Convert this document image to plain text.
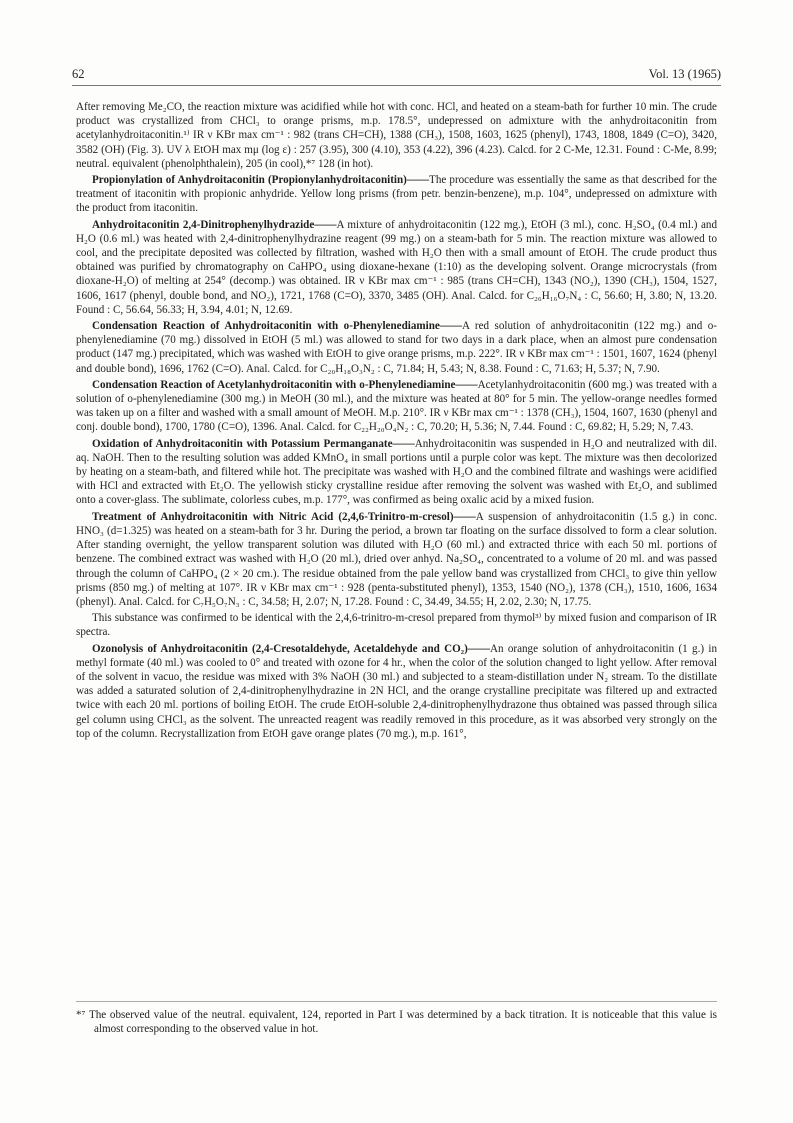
62	Vol. 13 (1965)

After removing Me₂CO, the reaction mixture was acidified while hot with conc. HCl, and heated on a steam-bath for further 10 min. The crude product was crystallized from CHCl₃ to orange prisms, m.p. 178.5°, undepressed on admixture with the anhydroitaconitin from acetylanhydroitaconitin.¹⁾ IR ν KBr max cm⁻¹ : 982 (trans CH=CH), 1388 (CH₃), 1508, 1603, 1625 (phenyl), 1743, 1808, 1849 (C=O), 3420, 3582 (OH) (Fig. 3). UV λ EtOH max mμ (log ε) : 257 (3.95), 300 (4.10), 353 (4.22), 396 (4.23). Calcd. for 2 C-Me, 12.31. Found : C-Me, 8.99; neutral. equivalent (phenolphthalein), 205 (in cool),*⁷ 128 (in hot).

Propionylation of Anhydroitaconitin (Propionylanhydroitaconitin)——The procedure was essentially the same as that described for the treatment of itaconitin with propionic anhydride. Yellow long prisms (from petr. benzin-benzene), m.p. 104°, undepressed on admixture with the product from itaconitin.

Anhydroitaconitin 2,4-Dinitrophenylhydrazide——A mixture of anhydroitaconitin (122 mg.), EtOH (3 ml.), conc. H₂SO₄ (0.4 ml.) and H₂O (0.6 ml.) was heated with 2,4-dinitrophenylhydrazine reagent (99 mg.) on a steam-bath for 5 min. The reaction mixture was allowed to cool, and the precipitate deposited was collected by filtration, washed with H₂O then with a small amount of EtOH. The crude product thus obtained was purified by chromatography on CaHPO₄ using dioxane-hexane (1:10) as the developing solvent. Orange microcrystals (from dioxane-H₂O) of melting at 254° (decomp.) was obtained. IR ν KBr max cm⁻¹ : 985 (trans CH=CH), 1343 (NO₂), 1390 (CH₃), 1504, 1527, 1606, 1617 (phenyl, double bond, and NO₂), 1721, 1768 (C=O), 3370, 3485 (OH). Anal. Calcd. for C₂₆H₁₆O₇N₄ : C, 56.60; H, 3.80; N, 13.20. Found : C, 56.64, 56.33; H, 3.94, 4.01; N, 12.69.

Condensation Reaction of Anhydroitaconitin with o-Phenylenediamine——A red solution of anhydroitaconitin (122 mg.) and o-phenylenediamine (70 mg.) dissolved in EtOH (5 ml.) was allowed to stand for two days in a dark place, when an almost pure condensation product (147 mg.) precipitated, which was washed with EtOH to give orange prisms, m.p. 222°. IR ν KBr max cm⁻¹ : 1501, 1607, 1624 (phenyl and double bond), 1696, 1762 (C=O). Anal. Calcd. for C₂₀H₁₈O₃N₂ : C, 71.84; H, 5.43; N, 8.38. Found : C, 71.63; H, 5.37; N, 7.90.

Condensation Reaction of Acetylanhydroitaconitin with o-Phenylenediamine——Acetylanhydroitaconitin (600 mg.) was treated with a solution of o-phenylenediamine (300 mg.) in MeOH (30 ml.), and the mixture was heated at 80° for 5 min. The yellow-orange needles formed was taken up on a filter and washed with a small amount of MeOH. M.p. 210°. IR ν KBr max cm⁻¹ : 1378 (CH₃), 1504, 1607, 1630 (phenyl and conj. double bond), 1700, 1780 (C=O), 1396. Anal. Calcd. for C₂₂H₂₀O₄N₂ : C, 70.20; H, 5.36; N, 7.44. Found : C, 69.82; H, 5.29; N, 7.43.

Oxidation of Anhydroitaconitin with Potassium Permanganate——Anhydroitaconitin was suspended in H₂O and neutralized with dil. aq. NaOH. Then to the resulting solution was added KMnO₄ in small portions until a purple color was kept. The mixture was then decolorized by heating on a steam-bath, and filtered while hot. The precipitate was washed with H₂O and the combined filtrate and washings were acidified with HCl and extracted with Et₂O. The yellowish sticky crystalline residue after removing the solvent was washed with Et₂O, and sublimed onto a cover-glass. The sublimate, colorless cubes, m.p. 177°, was confirmed as being oxalic acid by a mixed fusion.

Treatment of Anhydroitaconitin with Nitric Acid (2,4,6-Trinitro-m-cresol)——A suspension of anhydroitaconitin (1.5 g.) in conc. HNO₃ (d=1.325) was heated on a steam-bath for 3 hr. During the period, a brown tar floating on the surface dissolved to form a clear solution. After standing overnight, the yellow transparent solution was diluted with H₂O (60 ml.) and extracted thrice with each 50 ml. portions of benzene. The combined extract was washed with H₂O (20 ml.), dried over anhyd. Na₂SO₄, concentrated to a volume of 20 ml. and was passed through the column of CaHPO₄ (2 × 20 cm.). The residue obtained from the pale yellow band was crystallized from CHCl₃ to give thin yellow prisms (850 mg.) of melting at 107°. IR ν KBr max cm⁻¹ : 928 (penta-substituted phenyl), 1353, 1540 (NO₂), 1378 (CH₃), 1510, 1606, 1634 (phenyl). Anal. Calcd. for C₇H₅O₇N₃ : C, 34.58; H, 2.07; N, 17.28. Found : C, 34.49, 34.55; H, 2.02, 2.30; N, 17.75.

This substance was confirmed to be identical with the 2,4,6-trinitro-m-cresol prepared from thymol³⁾ by mixed fusion and comparison of IR spectra.

Ozonolysis of Anhydroitaconitin (2,4-Cresotaldehyde, Acetaldehyde and CO₂)——An orange solution of anhydroitaconitin (1 g.) in methyl formate (40 ml.) was cooled to 0° and treated with ozone for 4 hr., when the color of the solution changed to light yellow. After removal of the solvent in vacuo, the residue was mixed with 3% NaOH (30 ml.) and subjected to a steam-distillation under N₂ stream. To the distillate was added a saturated solution of 2,4-dinitrophenylhydrazine in 2N HCl, and the orange crystalline precipitate was filtered up and extracted twice with each 20 ml. portions of boiling EtOH. The crude EtOH-soluble 2,4-dinitrophenylhydrazone thus obtained was passed through silica gel column using CHCl₃ as the solvent. The unreacted reagent was readily removed in this procedure, as it was absorbed very strongly on the top of the column. Recrystallization from EtOH gave orange plates (70 mg.), m.p. 161°,

*⁷ The observed value of the neutral. equivalent, 124, reported in Part I was determined by a back titration. It is noticeable that this value is almost corresponding to the observed value in hot.
